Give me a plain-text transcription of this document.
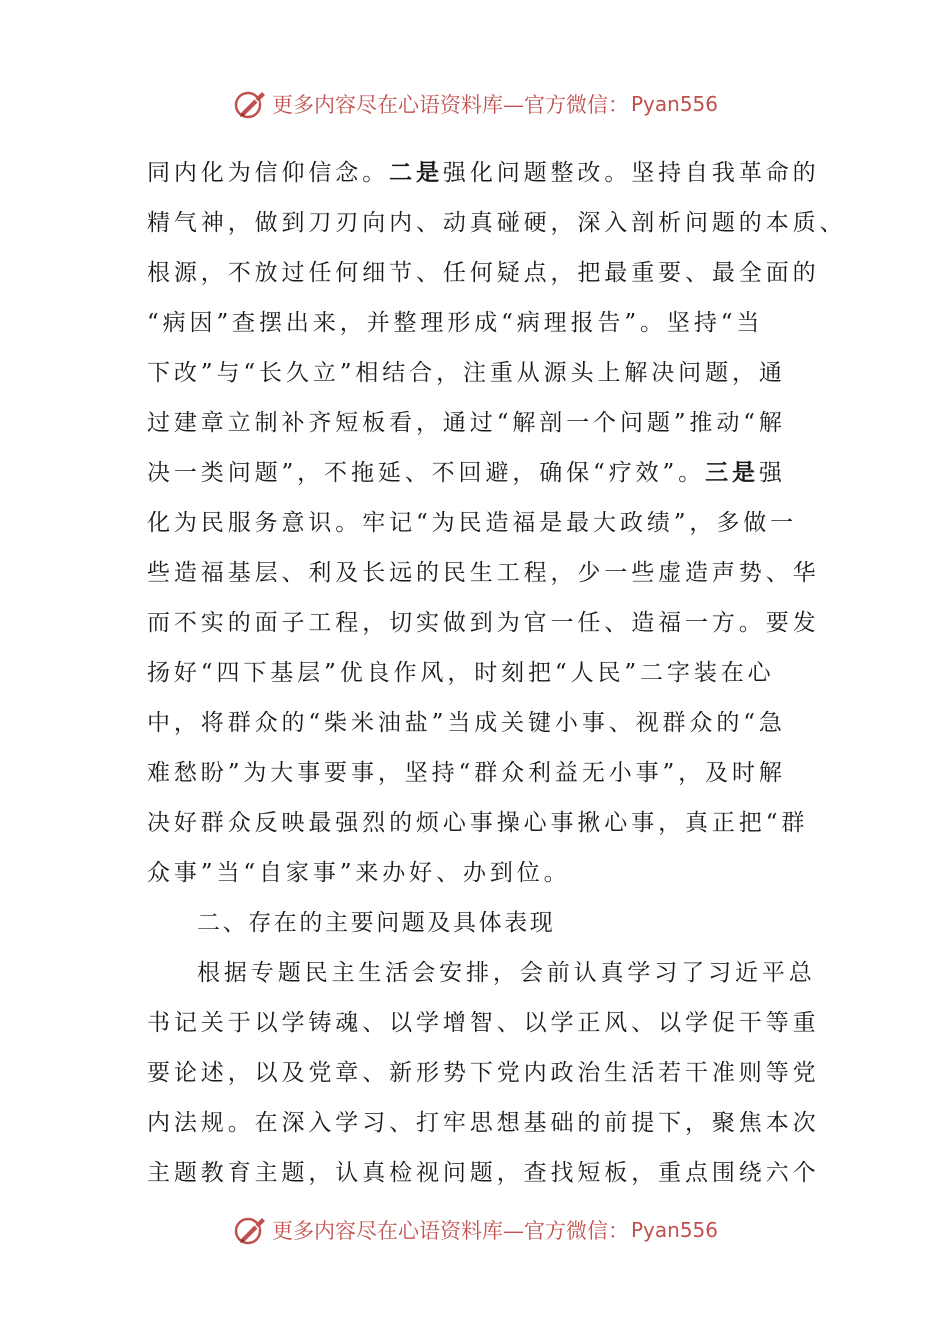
更多内容尽在心语资料库—官方微信： Pyan556
同内化为信仰信念。二是强化问题整改。坚持自我革命的
精气神，做到刀刃向内、动真碰硬，深入剖析问题的本质、
根源，不放过任何细节、任何疑点，把最重要、最全面的
“病因”查摆出来，并整理形成“病理报告”。坚持“当
下改”与“长久立”相结合，注重从源头上解决问题，通
过建章立制补齐短板看，通过“解剖一个问题”推动“解
决一类问题”，不拖延、不回避，确保“疗效”。三是强
化为民服务意识。牢记“为民造福是最大政绩”，多做一
些造福基层、利及长远的民生工程，少一些虚造声势、华
而不实的面子工程，切实做到为官一任、造福一方。要发
扬好“四下基层”优良作风，时刻把“人民”二字装在心
中，将群众的“柴米油盐”当成关键小事、视群众的“急
难愁盼”为大事要事，坚持“群众利益无小事”，及时解
决好群众反映最强烈的烦心事操心事揪心事，真正把“群
众事”当“自家事”来办好、办到位。
二、存在的主要问题及具体表现
根据专题民主生活会安排，会前认真学习了习近平总
书记关于以学铸魂、以学增智、以学正风、以学促干等重
要论述，以及党章、新形势下党内政治生活若干准则等党
内法规。在深入学习、打牢思想基础的前提下，聚焦本次
主题教育主题，认真检视问题，查找短板，重点围绕六个
更多内容尽在心语资料库—官方微信： Pyan556
